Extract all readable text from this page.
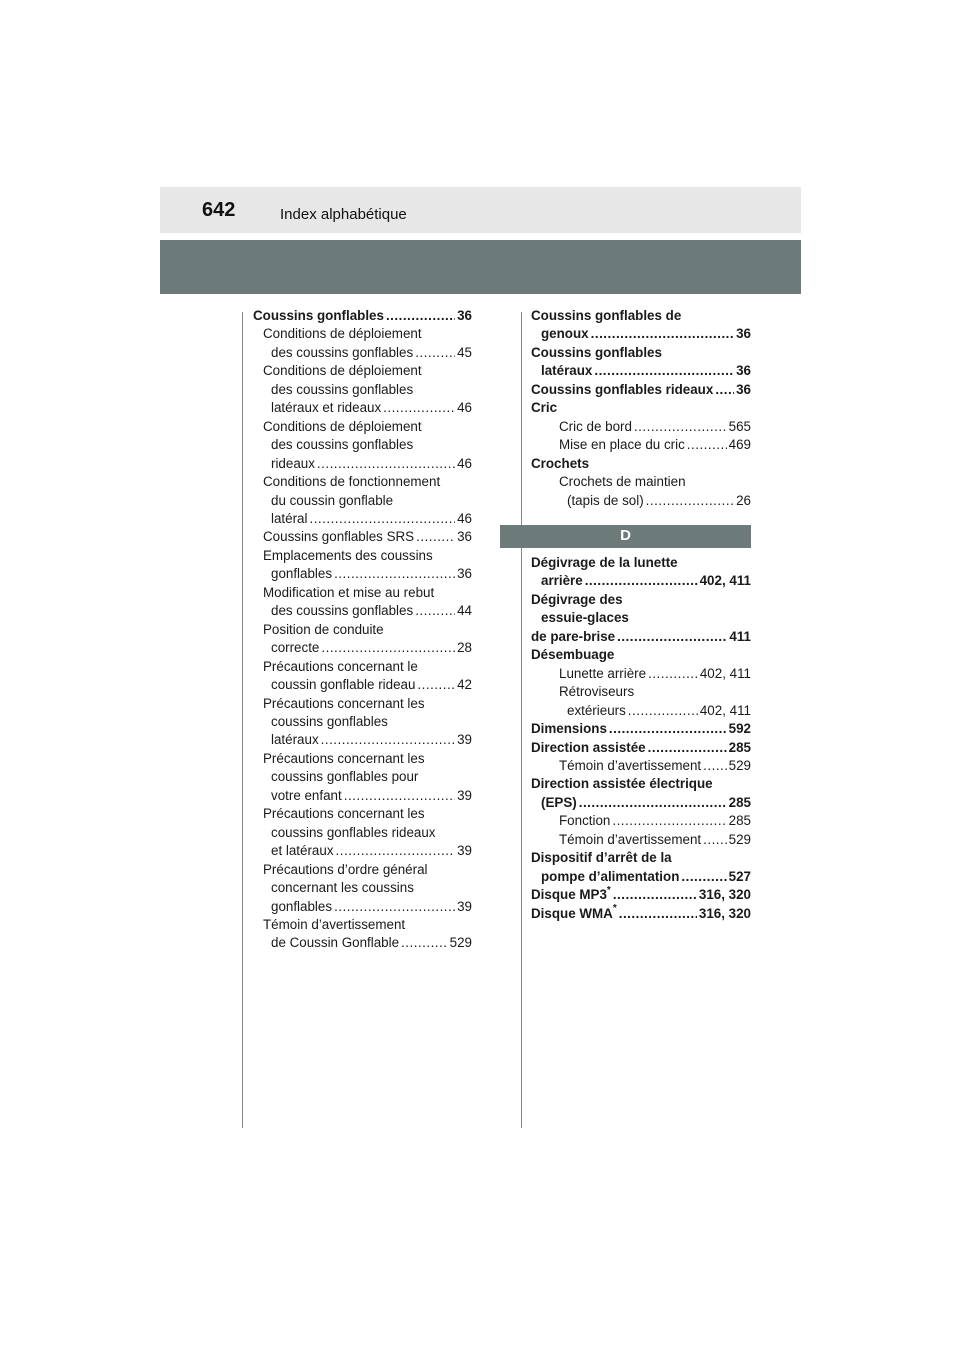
642	Index alphabétique
Coussins gonflables .....	36
Conditions de déploiement
des coussins gonflables .....	45
Conditions de déploiement
des coussins gonflables
latéraux et rideaux .....	46
Conditions de déploiement
des coussins gonflables
rideaux .....	46
Conditions de fonctionnement
du coussin gonflable
latéral .....	46
Coussins gonflables SRS .....	36
Emplacements des coussins
gonflables .....	36
Modification et mise au rebut
des coussins gonflables .....	44
Position de conduite
correcte .....	28
Précautions concernant le
coussin gonflable rideau .....	42
Précautions concernant les
coussins gonflables
latéraux .....	39
Précautions concernant les
coussins gonflables pour
votre enfant .....	39
Précautions concernant les
coussins gonflables rideaux
et latéraux .....	39
Précautions d’ordre général
concernant les coussins
gonflables .....	39
Témoin d’avertissement
de Coussin Gonflable .....	529
Coussins gonflables de
genoux .....	36
Coussins gonflables
latéraux .....	36
Coussins gonflables rideaux ..... 36
Cric
Cric de bord .....	565
Mise en place du cric .....	469
Crochets
Crochets de maintien
(tapis de sol) .....	26
D
Dégivrage de la lunette
arrière .....	402, 411
Dégivrage des
essuie-glaces
de pare-brise .....	411
Désembuage
Lunette arrière .....	402, 411
Rétroviseurs
extérieurs .....	402, 411
Dimensions .....	592
Direction assistée .....	285
Témoin d’avertissement ..... 529
Direction assistée électrique
(EPS) .....	285
Fonction .....	285
Témoin d’avertissement ..... 529
Dispositif d’arrêt de la
pompe d’alimentation .....	527
Disque MP3* .....	316, 320
Disque WMA* .....	316, 320
